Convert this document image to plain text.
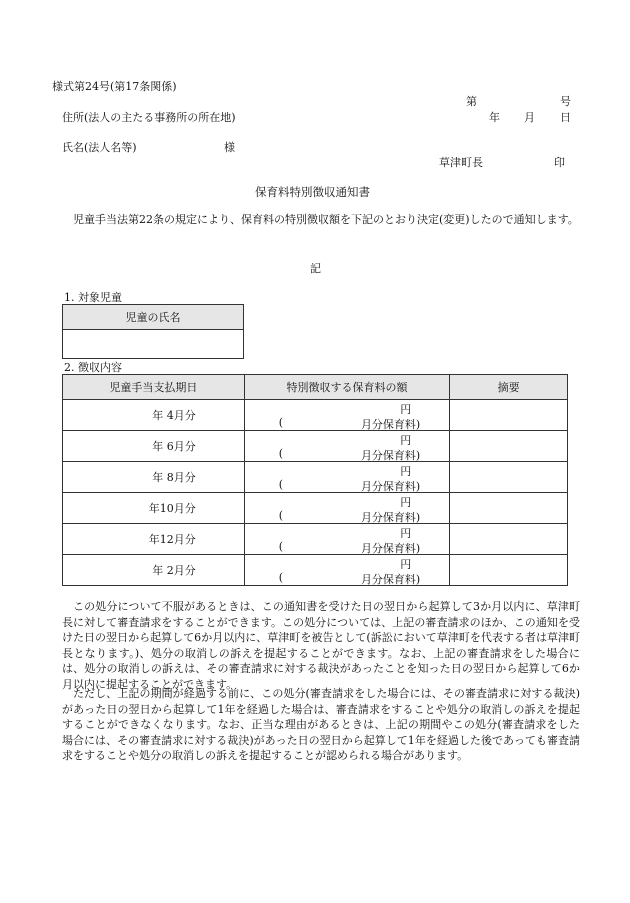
様式第24号(第17条関係)
第	号
住所(法人の主たる事務所の所在地)	年 月 日
氏名(法人名等)	様
草津町長	印
保育料特別徴収通知書

児童手当法第22条の規定により、保育料の特別徴収額を下記のとおり決定(変更)したので通知します。

記
1. 対象児童
児童の氏名

2. 徴収内容
児童手当支払期日	特別徴収する保育料の額	摘要
年 4月分	円
( 月分保育料)	

年 6月分	円
( 月分保育料)	

年 8月分	円
( 月分保育料)	

年10月分	円
( 月分保育料)	

年12月分	円
( 月分保育料)	

年 2月分	円
( 月分保育料)	

この処分について不服があるときは、この通知書を受けた日の翌日から起算して3か月以内に、草津町長に対して審査請求をすることができます。この処分については、上記の審査請求のほか、この通知を受けた日の翌日から起算して6か月以内に、草津町を被告として(訴訟において草津町を代表する者は草津町長となります。)、処分の取消しの訴えを提起することができます。なお、上記の審査請求をした場合には、処分の取消しの訴えは、その審査請求に対する裁決があったことを知った日の翌日から起算して6か月以内に提起することができます。

ただし、上記の期間が経過する前に、この処分(審査請求をした場合には、その審査請求に対する裁決)があった日の翌日から起算して1年を経過した場合は、審査請求をすることや処分の取消しの訴えを提起することができなくなります。なお、正当な理由があるときは、上記の期間やこの処分(審査請求をした場合には、その審査請求に対する裁決)があった日の翌日から起算して1年を経過した後であっても審査請求をすることや処分の取消しの訴えを提起することが認められる場合があります。
